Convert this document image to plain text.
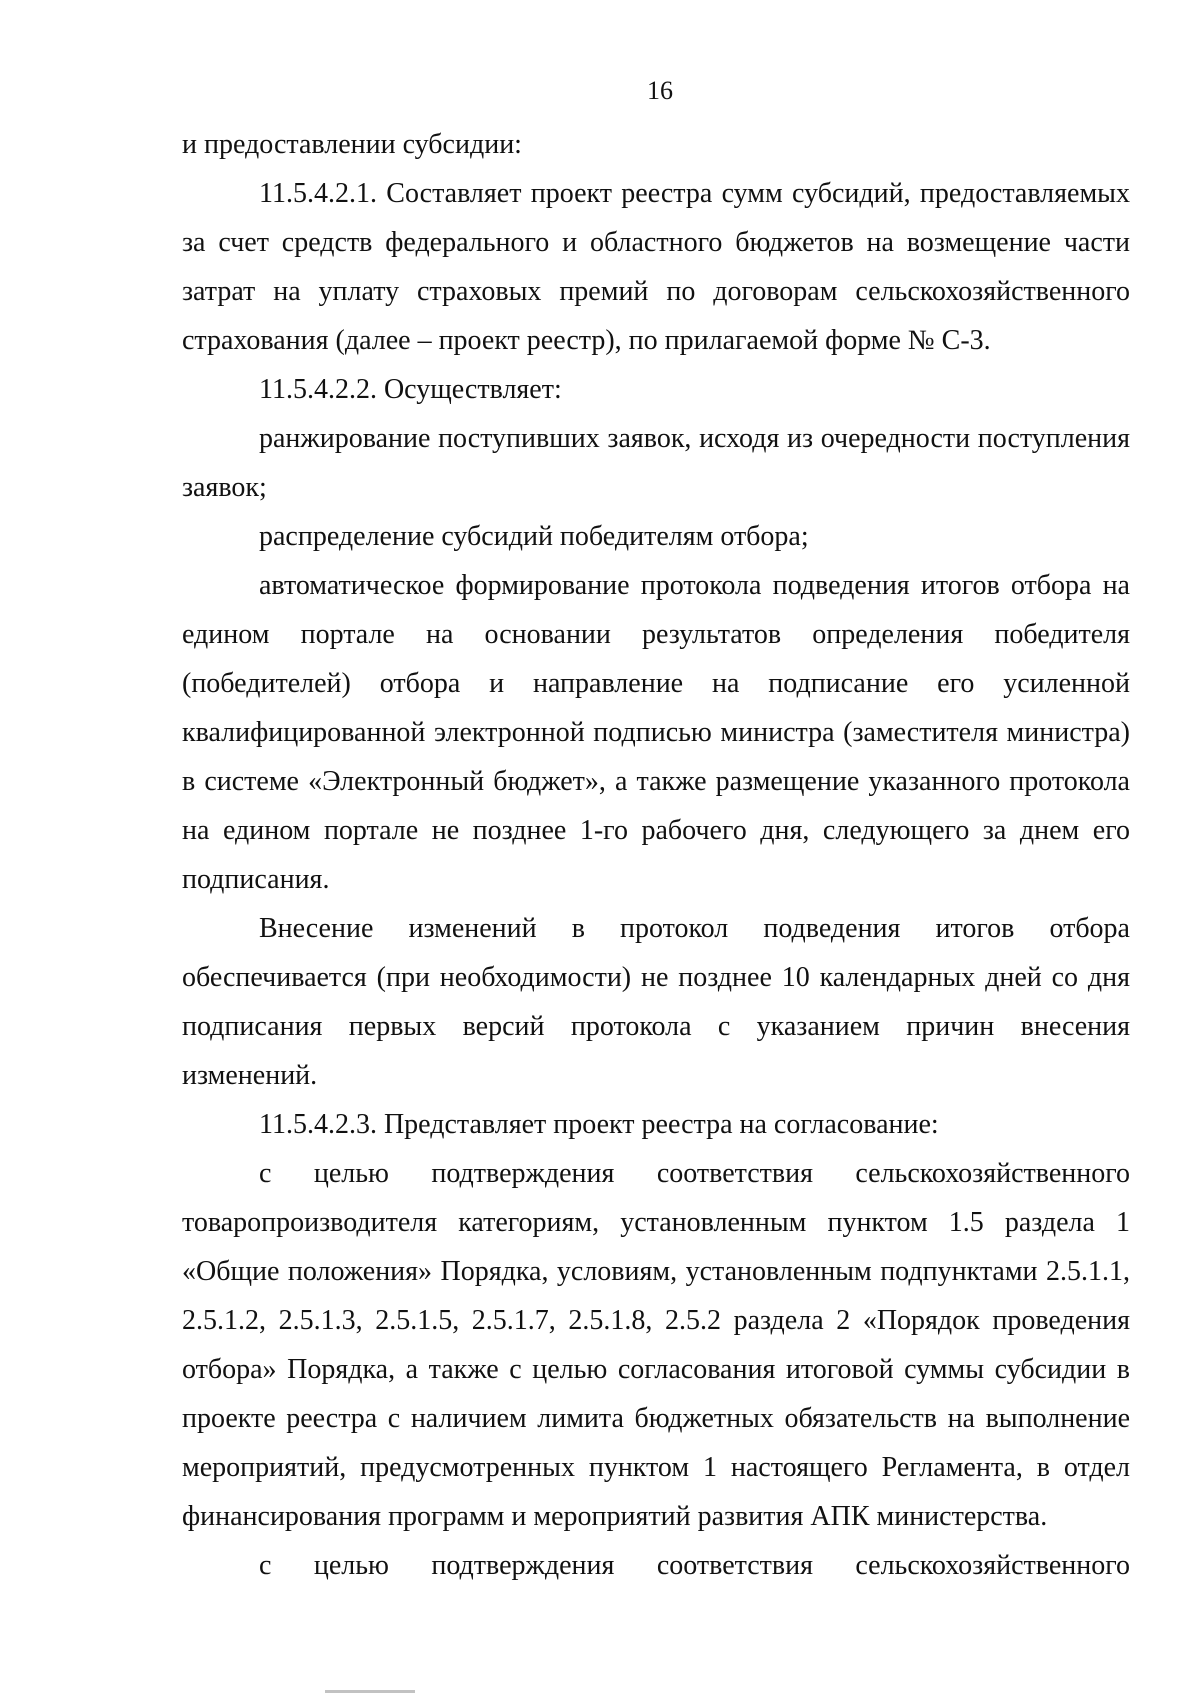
16

и предоставлении субсидии:

11.5.4.2.1. Составляет проект реестра сумм субсидий, предоставляемых за счет средств федерального и областного бюджетов на возмещение части затрат на уплату страховых премий по договорам сельскохозяйственного страхования (далее – проект реестр), по прилагаемой форме № С-3.

11.5.4.2.2. Осуществляет:

ранжирование поступивших заявок, исходя из очередности поступления заявок;

распределение субсидий победителям отбора;

автоматическое формирование протокола подведения итогов отбора на едином портале на основании результатов определения победителя (победителей) отбора и направление на подписание его усиленной квалифицированной электронной подписью министра (заместителя министра) в системе «Электронный бюджет», а также размещение указанного протокола на едином портале не позднее 1-го рабочего дня, следующего за днем его подписания.

Внесение изменений в протокол подведения итогов отбора обеспечивается (при необходимости) не позднее 10 календарных дней со дня подписания первых версий протокола с указанием причин внесения изменений.

11.5.4.2.3. Представляет проект реестра на согласование:

с целью подтверждения соответствия сельскохозяйственного товаропроизводителя категориям, установленным пунктом 1.5 раздела 1 «Общие положения» Порядка, условиям, установленным подпунктами 2.5.1.1, 2.5.1.2, 2.5.1.3, 2.5.1.5, 2.5.1.7, 2.5.1.8, 2.5.2 раздела 2 «Порядок проведения отбора» Порядка, а также с целью согласования итоговой суммы субсидии в проекте реестра с наличием лимита бюджетных обязательств на выполнение мероприятий, предусмотренных пунктом 1 настоящего Регламента, в отдел финансирования программ и мероприятий развития АПК министерства.

с целью подтверждения соответствия сельскохозяйственного
